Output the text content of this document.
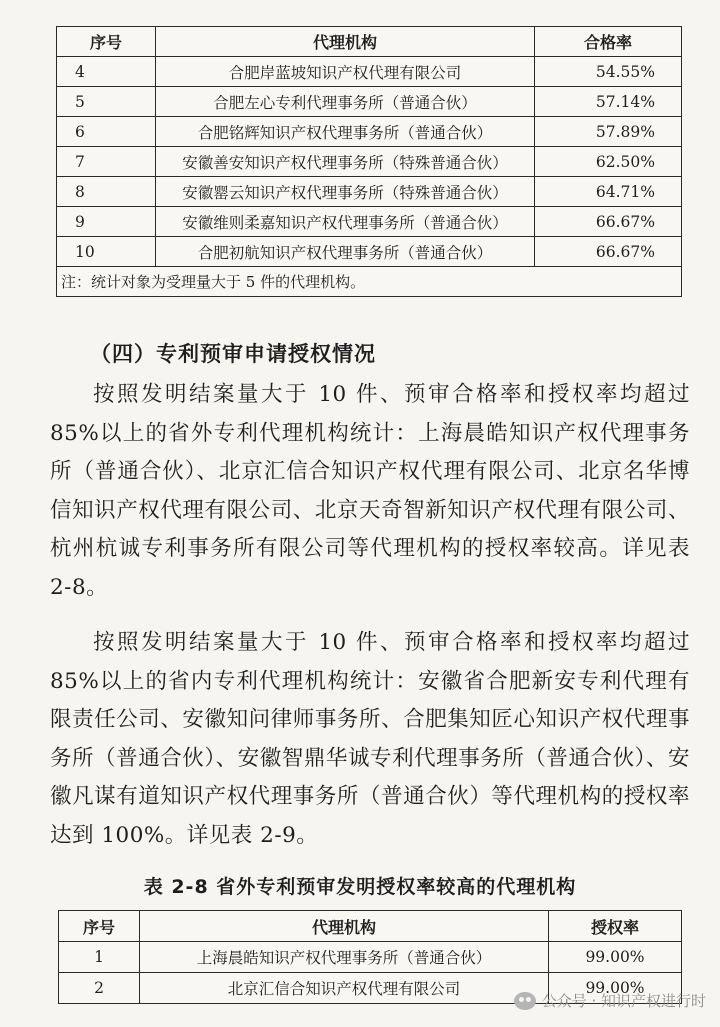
序号	代理机构	合格率
4	合肥岸蓝坡知识产权代理有限公司	54.55%
5	合肥左心专利代理事务所（普通合伙）	57.14%
6	合肥铭辉知识产权代理事务所（普通合伙）	57.89%
7	安徽善安知识产权代理事务所（特殊普通合伙）	62.50%
8	安徽罂云知识产权代理事务所（特殊普通合伙）	64.71%
9	安徽维则柔嘉知识产权代理事务所（普通合伙）	66.67%
10	合肥初航知识产权代理事务所（普通合伙）	66.67%
注：统计对象为受理量大于 5 件的代理机构。		
（四）专利预审申请授权情况

按照发明结案量大于 10 件、预审合格率和授权率均超过 85%以上的省外专利代理机构统计：上海晨皓知识产权代理事务所（普通合伙）、北京汇信合知识产权代理有限公司、北京名华博信知识产权代理有限公司、北京天奇智新知识产权代理有限公司、杭州杭诚专利事务所有限公司等代理机构的授权率较高。详见表 2-8。

按照发明结案量大于 10 件、预审合格率和授权率均超过 85%以上的省内专利代理机构统计：安徽省合肥新安专利代理有限责任公司、安徽知问律师事务所、合肥集知匠心知识产权代理事务所（普通合伙）、安徽智鼎华诚专利代理事务所（普通合伙）、安徽凡谋有道知识产权代理事务所（普通合伙）等代理机构的授权率达到 100%。详见表 2-9。

表 2-8 省外专利预审发明授权率较高的代理机构
序号	代理机构	授权率
1	上海晨皓知识产权代理事务所（普通合伙）	99.00%
2	北京汇信合知识产权代理有限公司	99.00%
公众号 · 知识产权进行时
